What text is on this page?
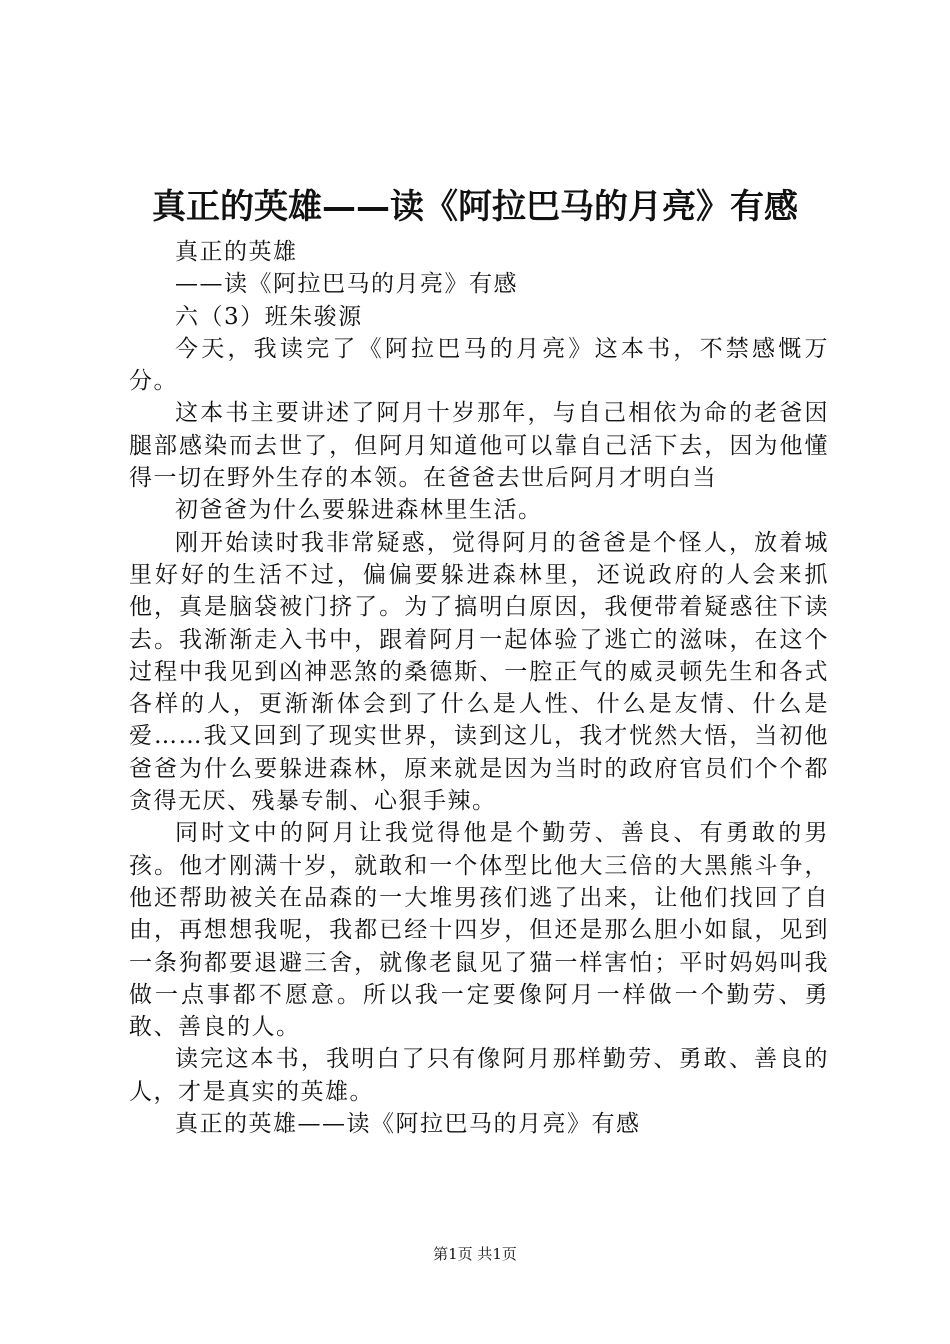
真正的英雄——读《阿拉巴马的月亮》有感

真正的英雄

——读《阿拉巴马的月亮》有感

六（3）班朱骏源

今天，我读完了《阿拉巴马的月亮》这本书，不禁感慨万分。

这本书主要讲述了阿月十岁那年，与自己相依为命的老爸因腿部感染而去世了，但阿月知道他可以靠自己活下去，因为他懂得一切在野外生存的本领。在爸爸去世后阿月才明白当

初爸爸为什么要躲进森林里生活。

刚开始读时我非常疑惑，觉得阿月的爸爸是个怪人，放着城里好好的生活不过，偏偏要躲进森林里，还说政府的人会来抓他，真是脑袋被门挤了。为了搞明白原因，我便带着疑惑往下读去。我渐渐走入书中，跟着阿月一起体验了逃亡的滋味，在这个过程中我见到凶神恶煞的桑德斯、一腔正气的威灵顿先生和各式各样的人，更渐渐体会到了什么是人性、什么是友情、什么是爱……我又回到了现实世界，读到这儿，我才恍然大悟，当初他爸爸为什么要躲进森林，原来就是因为当时的政府官员们个个都贪得无厌、残暴专制、心狠手辣。

同时文中的阿月让我觉得他是个勤劳、善良、有勇敢的男孩。他才刚满十岁，就敢和一个体型比他大三倍的大黑熊斗争，他还帮助被关在品森的一大堆男孩们逃了出来，让他们找回了自由，再想想我呢，我都已经十四岁，但还是那么胆小如鼠，见到一条狗都要退避三舍，就像老鼠见了猫一样害怕；平时妈妈叫我做一点事都不愿意。所以我一定要像阿月一样做一个勤劳、勇敢、善良的人。

读完这本书，我明白了只有像阿月那样勤劳、勇敢、善良的人，才是真实的英雄。

真正的英雄——读《阿拉巴马的月亮》有感

第1页 共1页
